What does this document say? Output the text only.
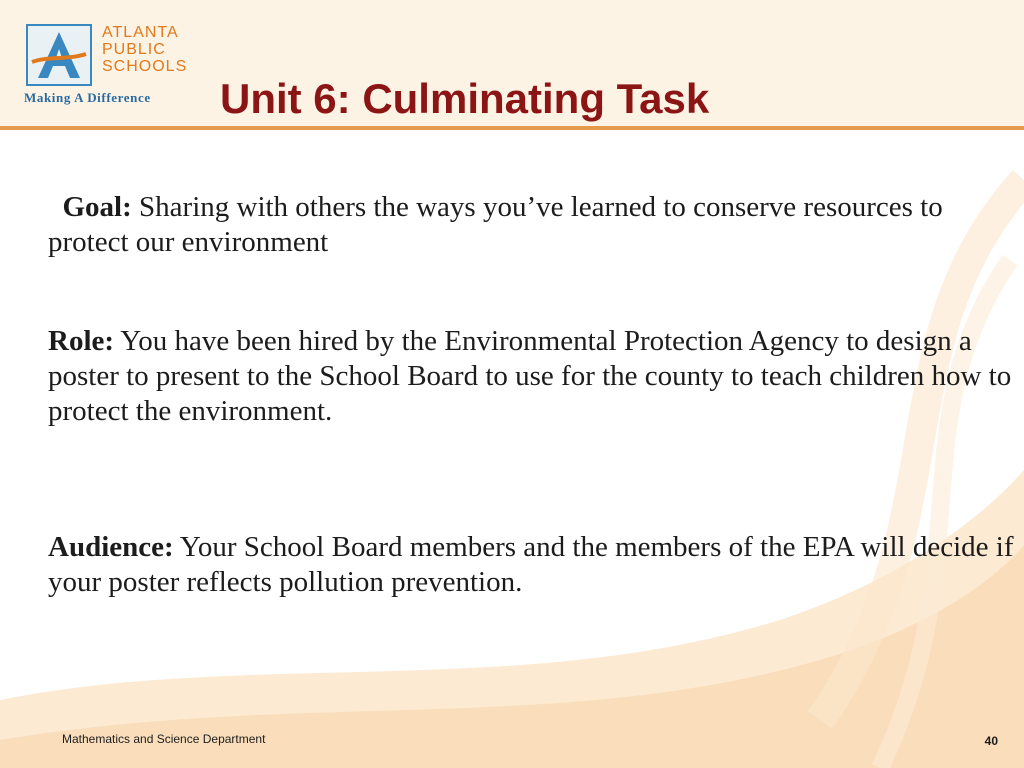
ATLANTA
PUBLIC
SCHOOLS
Making A Difference Unit 6: Culminating Task

Goal: Sharing with others the ways you’ve learned to conserve resources to protect our environment

Role: You have been hired by the Environmental Protection Agency to design a poster to present to the School Board to use for the county to teach children how to protect the environment.

Audience: Your School Board members and the members of the EPA will decide if your poster reflects pollution prevention.

Mathematics and Science Department	40
